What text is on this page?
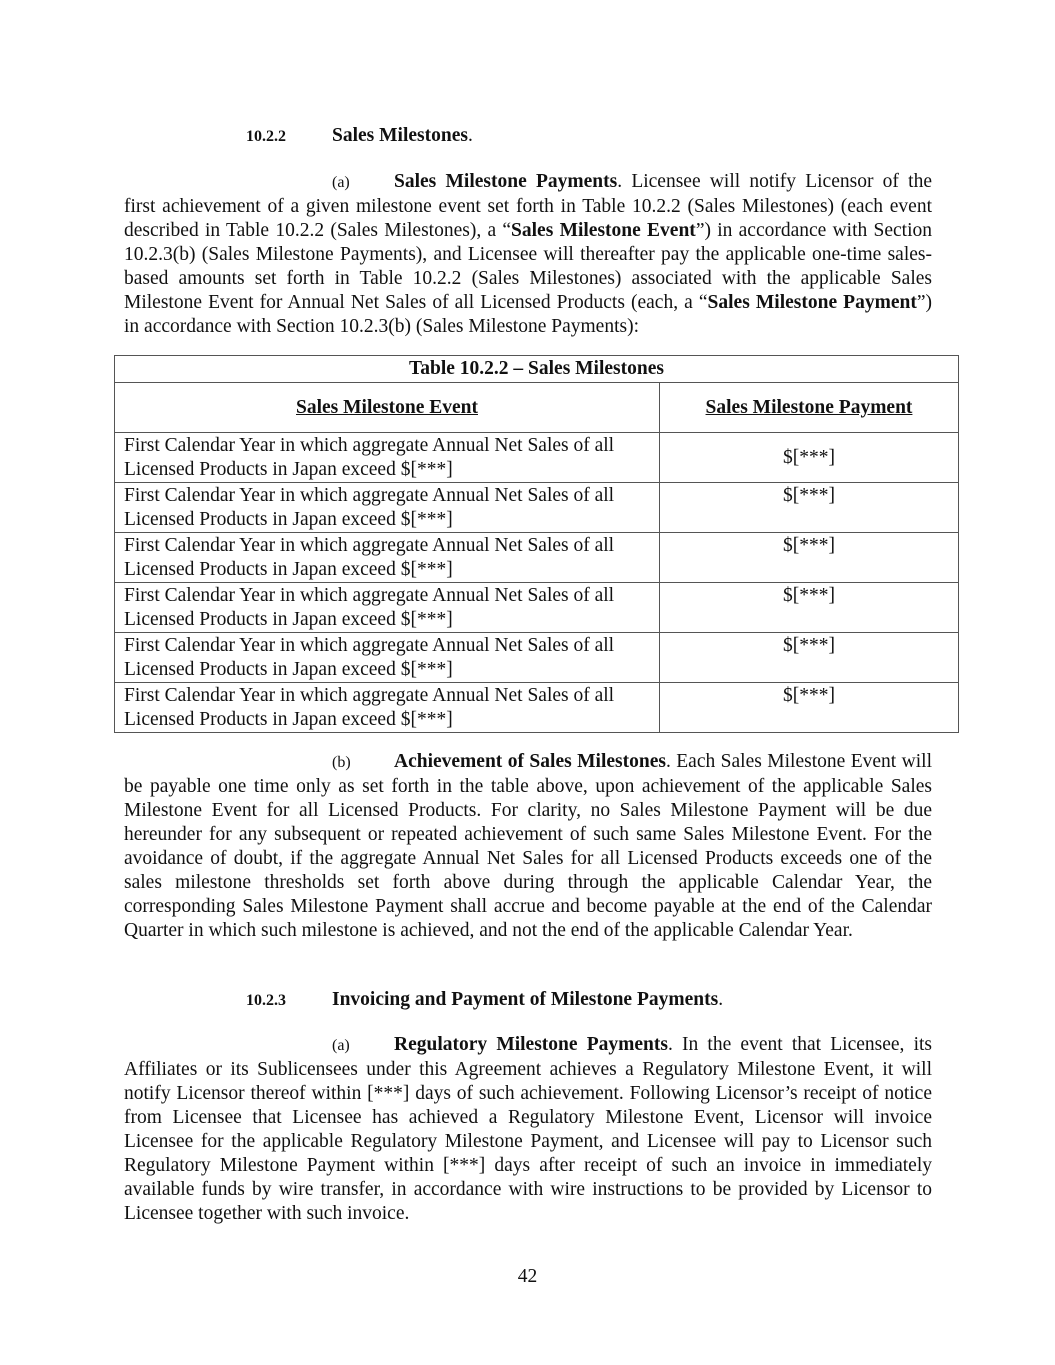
10.2.2 Sales Milestones.
(a) Sales Milestone Payments. Licensee will notify Licensor of the first achievement of a given milestone event set forth in Table 10.2.2 (Sales Milestones) (each event described in Table 10.2.2 (Sales Milestones), a “Sales Milestone Event”) in accordance with Section 10.2.3(b) (Sales Milestone Payments), and Licensee will thereafter pay the applicable one-time sales-based amounts set forth in Table 10.2.2 (Sales Milestones) associated with the applicable Sales Milestone Event for Annual Net Sales of all Licensed Products (each, a “Sales Milestone Payment”) in accordance with Section 10.2.3(b) (Sales Milestone Payments):
Table 10.2.2 – Sales Milestones	
Sales Milestone Event	Sales Milestone Payment
First Calendar Year in which aggregate Annual Net Sales of all Licensed Products in Japan exceed $[***]	$[***]
First Calendar Year in which aggregate Annual Net Sales of all Licensed Products in Japan exceed $[***]	$[***]
First Calendar Year in which aggregate Annual Net Sales of all Licensed Products in Japan exceed $[***]	$[***]
First Calendar Year in which aggregate Annual Net Sales of all Licensed Products in Japan exceed $[***]	$[***]
First Calendar Year in which aggregate Annual Net Sales of all Licensed Products in Japan exceed $[***]	$[***]
First Calendar Year in which aggregate Annual Net Sales of all Licensed Products in Japan exceed $[***]	$[***]
(b) Achievement of Sales Milestones. Each Sales Milestone Event will be payable one time only as set forth in the table above, upon achievement of the applicable Sales Milestone Event for all Licensed Products. For clarity, no Sales Milestone Payment will be due hereunder for any subsequent or repeated achievement of such same Sales Milestone Event. For the avoidance of doubt, if the aggregate Annual Net Sales for all Licensed Products exceeds one of the sales milestone thresholds set forth above during through the applicable Calendar Year, the corresponding Sales Milestone Payment shall accrue and become payable at the end of the Calendar Quarter in which such milestone is achieved, and not the end of the applicable Calendar Year.
10.2.3 Invoicing and Payment of Milestone Payments.
(a) Regulatory Milestone Payments. In the event that Licensee, its Affiliates or its Sublicensees under this Agreement achieves a Regulatory Milestone Event, it will notify Licensor thereof within [***] days of such achievement. Following Licensor’s receipt of notice from Licensee that Licensee has achieved a Regulatory Milestone Event, Licensor will invoice Licensee for the applicable Regulatory Milestone Payment, and Licensee will pay to Licensor such Regulatory Milestone Payment within [***] days after receipt of such an invoice in immediately available funds by wire transfer, in accordance with wire instructions to be provided by Licensor to Licensee together with such invoice.
42
